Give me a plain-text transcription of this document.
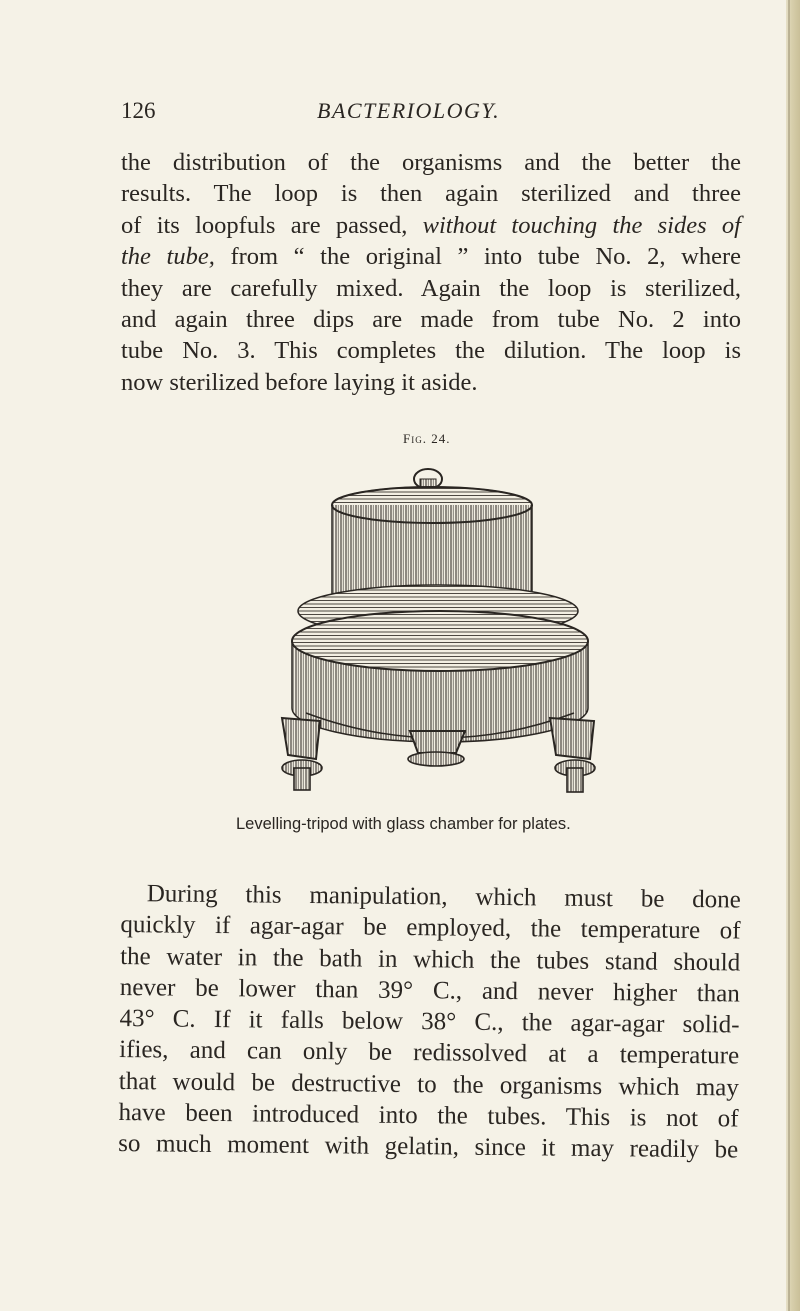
126	BACTERIOLOGY.

the distribution of the organisms and the better the
results. The loop is then again sterilized and three
of its loopfuls are passed, without touching the sides of
the tube, from “ the original ” into tube No. 2, where
they are carefully mixed. Again the loop is sterilized,
and again three dips are made from tube No. 2 into
tube No. 3. This completes the dilution. The loop is
now sterilized before laying it aside.

Fig. 24.
Levelling-tripod with glass chamber for plates.

During this manipulation, which must be done
quickly if agar-agar be employed, the temperature of
the water in the bath in which the tubes stand should
never be lower than 39° C., and never higher than
43° C. If it falls below 38° C., the agar-agar solid-
ifies, and can only be redissolved at a temperature
that would be destructive to the organisms which may
have been introduced into the tubes. This is not of
so much moment with gelatin, since it may readily be
